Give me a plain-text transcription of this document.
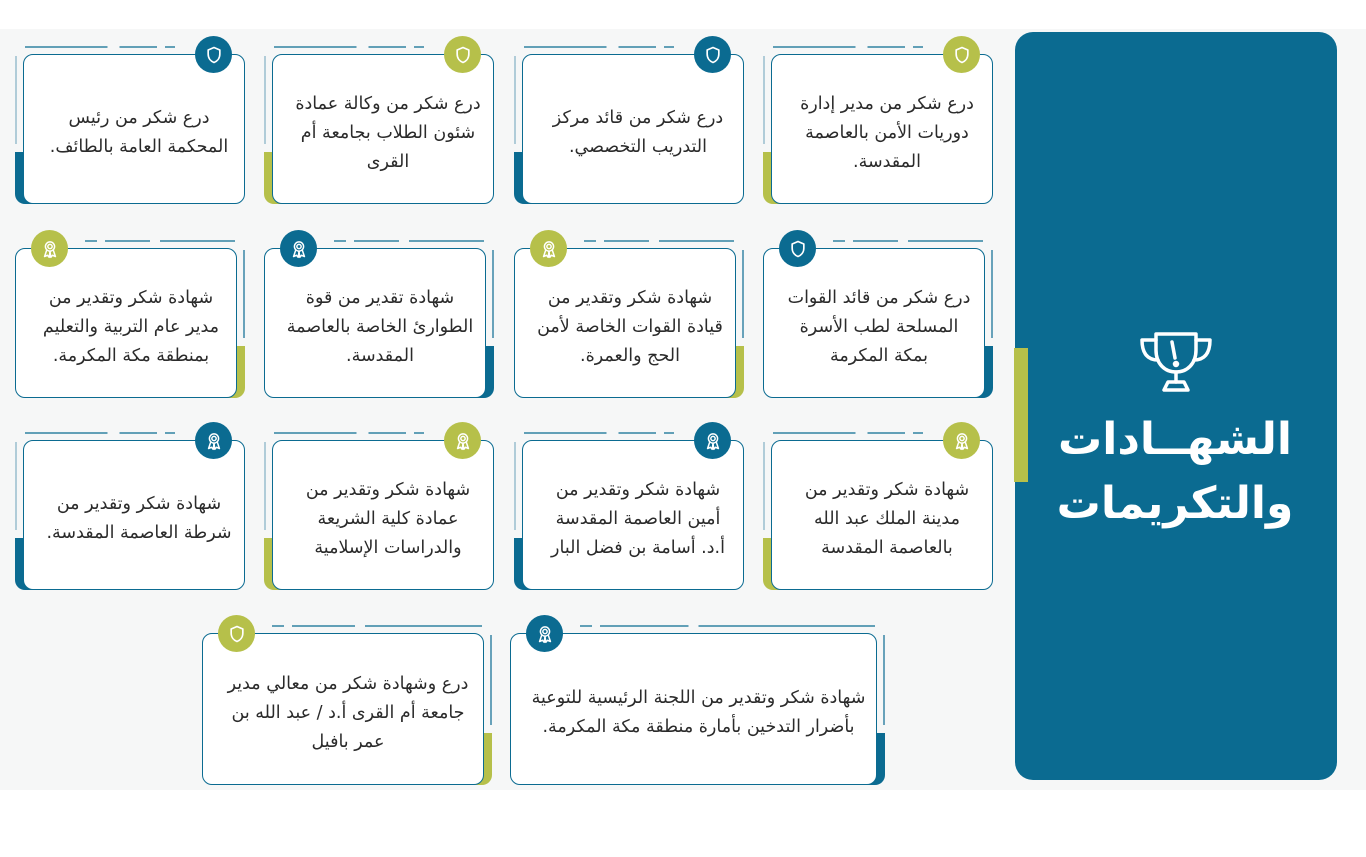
الشهــادات
والتكريمات
درع شكر من مدير إدارة دوريات الأمن بالعاصمة المقدسة.
درع شكر من قائد مركز التدريب التخصصي.
درع شكر من وكالة عمادة شئون الطلاب بجامعة أم القرى
درع شكر من رئيس المحكمة العامة بالطائف.
درع شكر من قائد القوات المسلحة لطب الأسرة بمكة المكرمة
شهادة شكر وتقدير من قيادة القوات الخاصة لأمن الحج والعمرة.
شهادة تقدير من قوة الطوارئ الخاصة بالعاصمة المقدسة.
شهادة شكر وتقدير من مدير عام التربية والتعليم بمنطقة مكة المكرمة.
شهادة شكر وتقدير من مدينة الملك عبد الله بالعاصمة المقدسة
شهادة شكر وتقدير من أمين العاصمة المقدسة أ.د. أسامة بن فضل البار
شهادة شكر وتقدير من عمادة كلية الشريعة والدراسات الإسلامية
شهادة شكر وتقدير من شرطة العاصمة المقدسة.
شهادة شكر وتقدير من اللجنة الرئيسية للتوعية بأضرار التدخين بأمارة منطقة مكة المكرمة.
درع وشهادة شكر من معالي مدير جامعة أم القرى أ.د / عبد الله بن عمر بافيل
